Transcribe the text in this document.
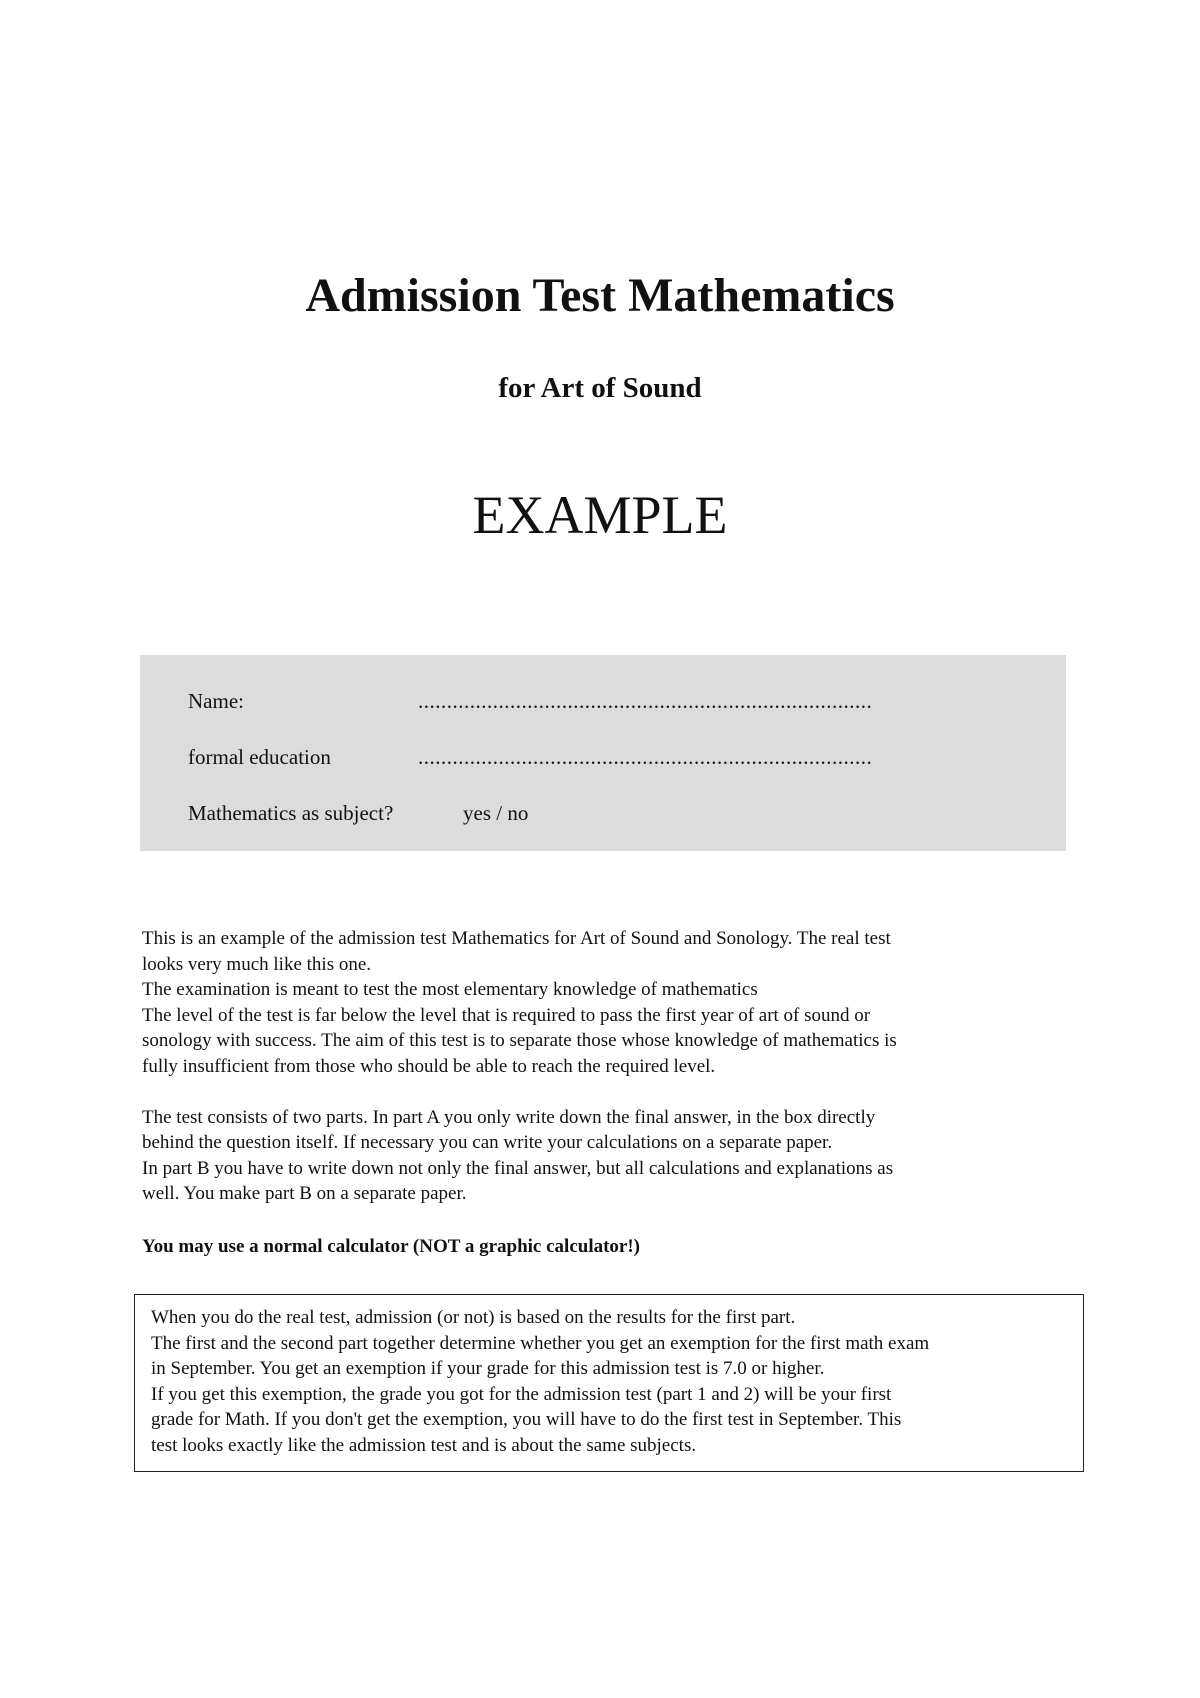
Admission Test Mathematics
for Art of Sound
EXAMPLE
Name:	...............................................................................
formal education	...............................................................................
Mathematics as subject?	yes / no

This is an example of the admission test Mathematics for Art of Sound and Sonology. The real test

looks very much like this one.

The examination is meant to test the most elementary knowledge of mathematics

The level of the test is far below the level that is required to pass the first year of art of sound or

sonology with success. The aim of this test is to separate those whose knowledge of mathematics is

fully insufficient from those who should be able to reach the required level.

The test consists of two parts. In part A you only write down the final answer, in the box directly

behind the question itself. If necessary you can write your calculations on a separate paper.

In part B you have to write down not only the final answer, but all calculations and explanations as

well. You make part B on a separate paper.

You may use a normal calculator (NOT a graphic calculator!)

When you do the real test, admission (or not) is based on the results for the first part.

The first and the second part together determine whether you get an exemption for the first math exam

in September. You get an exemption if your grade for this admission test is 7.0 or higher.

If you get this exemption, the grade you got for the admission test (part 1 and 2) will be your first

grade for Math. If you don't get the exemption, you will have to do the first test in September. This

test looks exactly like the admission test and is about the same subjects.
